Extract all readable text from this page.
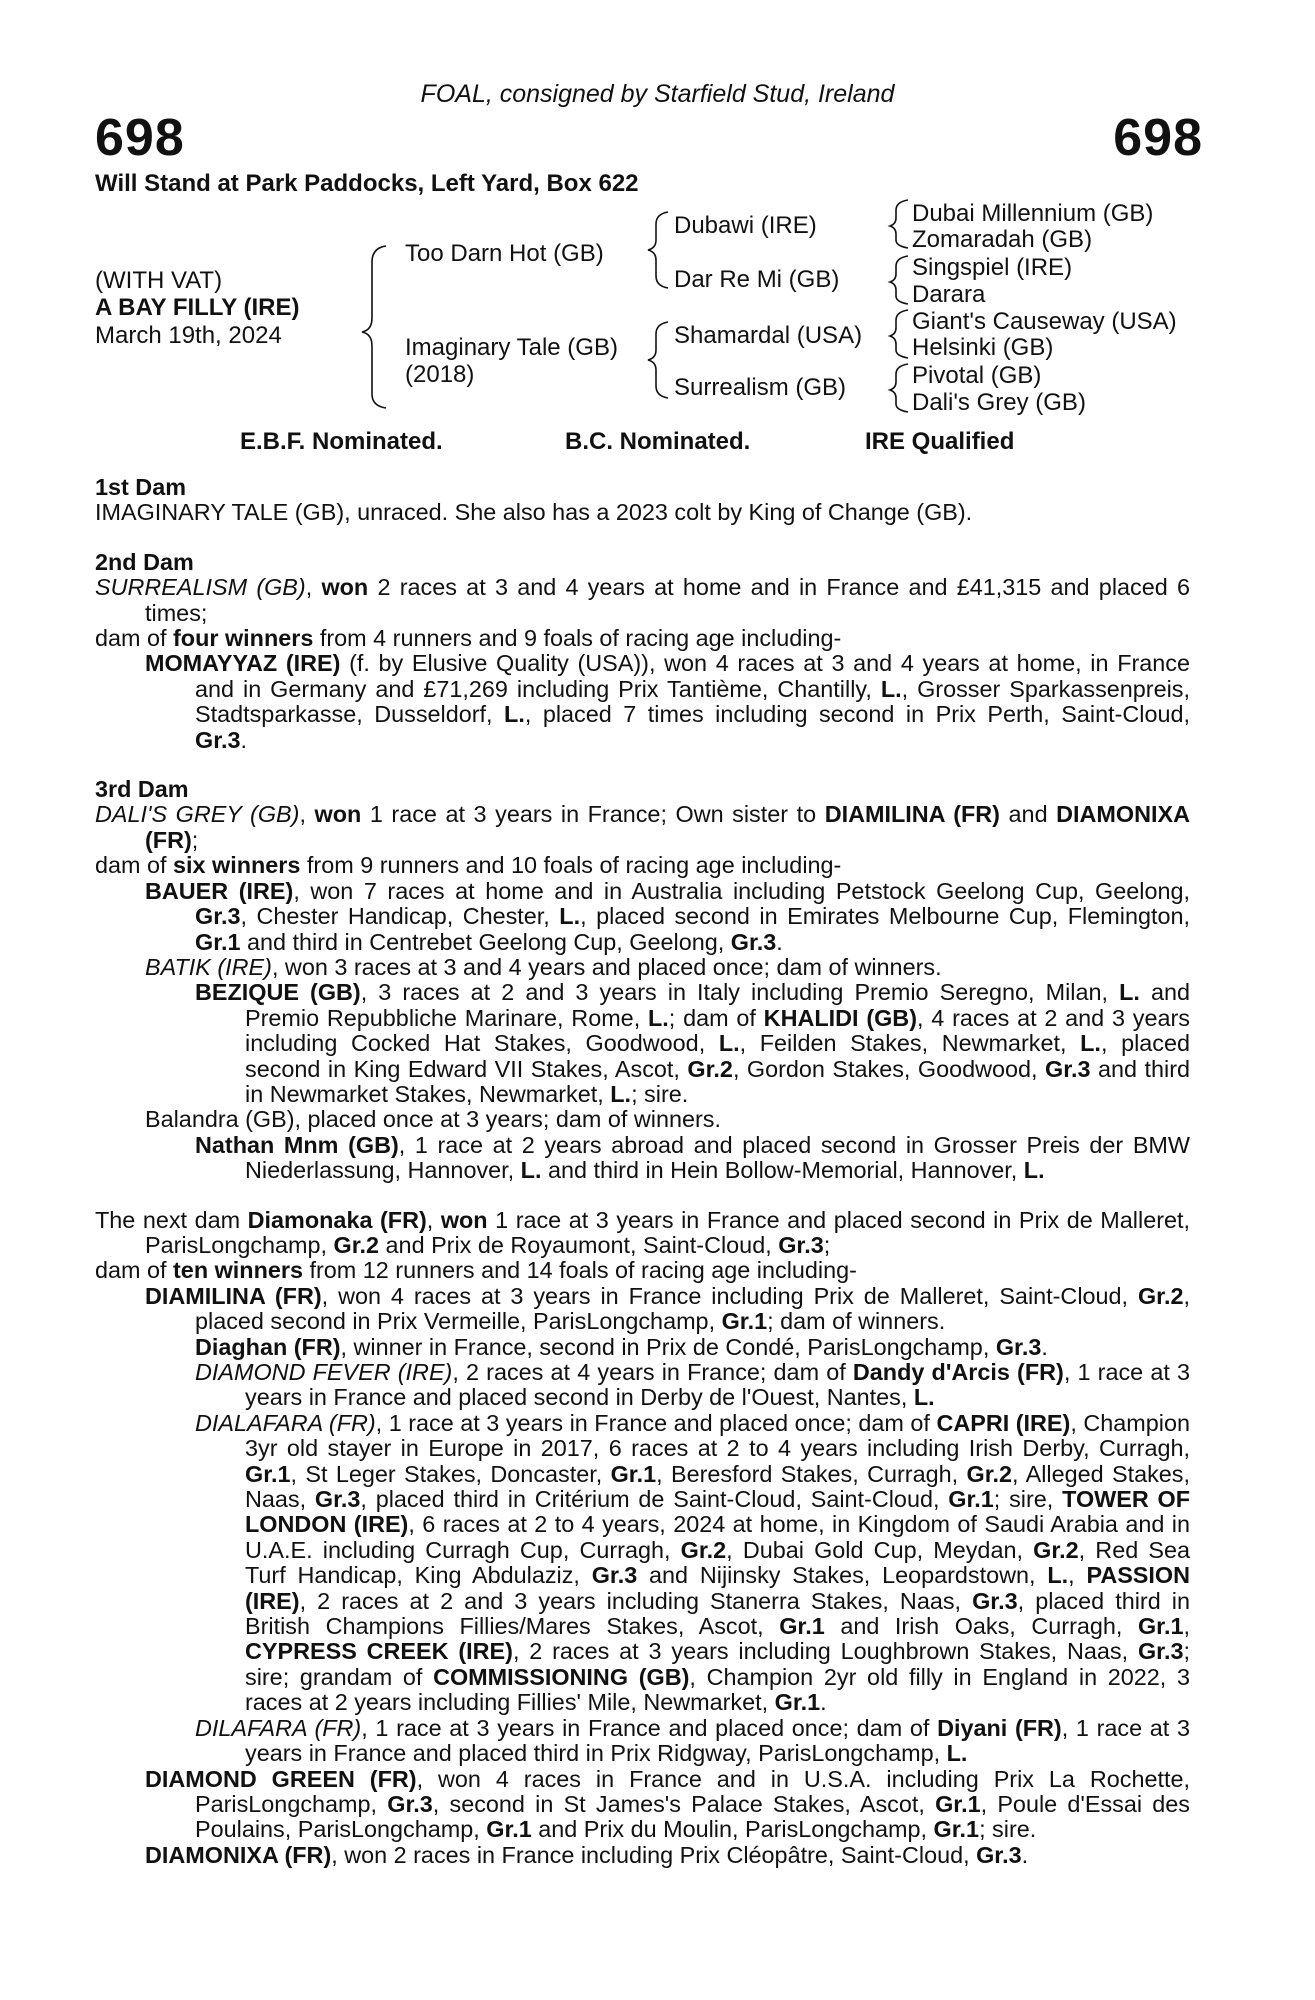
FOAL, consigned by Starfield Stud, Ireland
698	698
Will Stand at Park Paddocks, Left Yard, Box 622
(WITH VAT)
A BAY FILLY (IRE)
March 19th, 2024
Too Darn Hot (GB)
Imaginary Tale (GB)
(2018)
Dubawi (IRE)
Dar Re Mi (GB)
Shamardal (USA)
Surrealism (GB)
Dubai Millennium (GB)
Zomaradah (GB)
Singspiel (IRE)
Darara
Giant's Causeway (USA)
Helsinki (GB)
Pivotal (GB)
Dali's Grey (GB)
E.B.F. Nominated.	B.C. Nominated.	IRE Qualified

1st Dam

IMAGINARY TALE (GB), unraced. She also has a 2023 colt by King of Change (GB).

2nd Dam

SURREALISM (GB), won 2 races at 3 and 4 years at home and in France and £41,315 and placed 6 times;

dam of four winners from 4 runners and 9 foals of racing age including-

MOMAYYAZ (IRE) (f. by Elusive Quality (USA)), won 4 races at 3 and 4 years at home, in France and in Germany and £71,269 including Prix Tantième, Chantilly, L., Grosser Sparkassenpreis, Stadtsparkasse, Dusseldorf, L., placed 7 times including second in Prix Perth, Saint-Cloud, Gr.3.

3rd Dam

DALI'S GREY (GB), won 1 race at 3 years in France; Own sister to DIAMILINA (FR) and DIAMONIXA (FR);

dam of six winners from 9 runners and 10 foals of racing age including-

BAUER (IRE), won 7 races at home and in Australia including Petstock Geelong Cup, Geelong, Gr.3, Chester Handicap, Chester, L., placed second in Emirates Melbourne Cup, Flemington, Gr.1 and third in Centrebet Geelong Cup, Geelong, Gr.3.

BATIK (IRE), won 3 races at 3 and 4 years and placed once; dam of winners.

BEZIQUE (GB), 3 races at 2 and 3 years in Italy including Premio Seregno, Milan, L. and Premio Repubbliche Marinare, Rome, L.; dam of KHALIDI (GB), 4 races at 2 and 3 years including Cocked Hat Stakes, Goodwood, L., Feilden Stakes, Newmarket, L., placed second in King Edward VII Stakes, Ascot, Gr.2, Gordon Stakes, Goodwood, Gr.3 and third in Newmarket Stakes, Newmarket, L.; sire.

Balandra (GB), placed once at 3 years; dam of winners.

Nathan Mnm (GB), 1 race at 2 years abroad and placed second in Grosser Preis der BMW Niederlassung, Hannover, L. and third in Hein Bollow-Memorial, Hannover, L.

The next dam Diamonaka (FR), won 1 race at 3 years in France and placed second in Prix de Malleret, ParisLongchamp, Gr.2 and Prix de Royaumont, Saint-Cloud, Gr.3;

dam of ten winners from 12 runners and 14 foals of racing age including-

DIAMILINA (FR), won 4 races at 3 years in France including Prix de Malleret, Saint-Cloud, Gr.2, placed second in Prix Vermeille, ParisLongchamp, Gr.1; dam of winners.

Diaghan (FR), winner in France, second in Prix de Condé, ParisLongchamp, Gr.3.

DIAMOND FEVER (IRE), 2 races at 4 years in France; dam of Dandy d'Arcis (FR), 1 race at 3 years in France and placed second in Derby de l'Ouest, Nantes, L.

DIALAFARA (FR), 1 race at 3 years in France and placed once; dam of CAPRI (IRE), Champion 3yr old stayer in Europe in 2017, 6 races at 2 to 4 years including Irish Derby, Curragh, Gr.1, St Leger Stakes, Doncaster, Gr.1, Beresford Stakes, Curragh, Gr.2, Alleged Stakes, Naas, Gr.3, placed third in Critérium de Saint-Cloud, Saint-Cloud, Gr.1; sire, TOWER OF LONDON (IRE), 6 races at 2 to 4 years, 2024 at home, in Kingdom of Saudi Arabia and in U.A.E. including Curragh Cup, Curragh, Gr.2, Dubai Gold Cup, Meydan, Gr.2, Red Sea Turf Handicap, King Abdulaziz, Gr.3 and Nijinsky Stakes, Leopardstown, L., PASSION (IRE), 2 races at 2 and 3 years including Stanerra Stakes, Naas, Gr.3, placed third in British Champions Fillies/Mares Stakes, Ascot, Gr.1 and Irish Oaks, Curragh, Gr.1, CYPRESS CREEK (IRE), 2 races at 3 years including Loughbrown Stakes, Naas, Gr.3; sire; grandam of COMMISSIONING (GB), Champion 2yr old filly in England in 2022, 3 races at 2 years including Fillies' Mile, Newmarket, Gr.1.

DILAFARA (FR), 1 race at 3 years in France and placed once; dam of Diyani (FR), 1 race at 3 years in France and placed third in Prix Ridgway, ParisLongchamp, L.

DIAMOND GREEN (FR), won 4 races in France and in U.S.A. including Prix La Rochette, ParisLongchamp, Gr.3, second in St James's Palace Stakes, Ascot, Gr.1, Poule d'Essai des Poulains, ParisLongchamp, Gr.1 and Prix du Moulin, ParisLongchamp, Gr.1; sire.

DIAMONIXA (FR), won 2 races in France including Prix Cléopâtre, Saint-Cloud, Gr.3.
